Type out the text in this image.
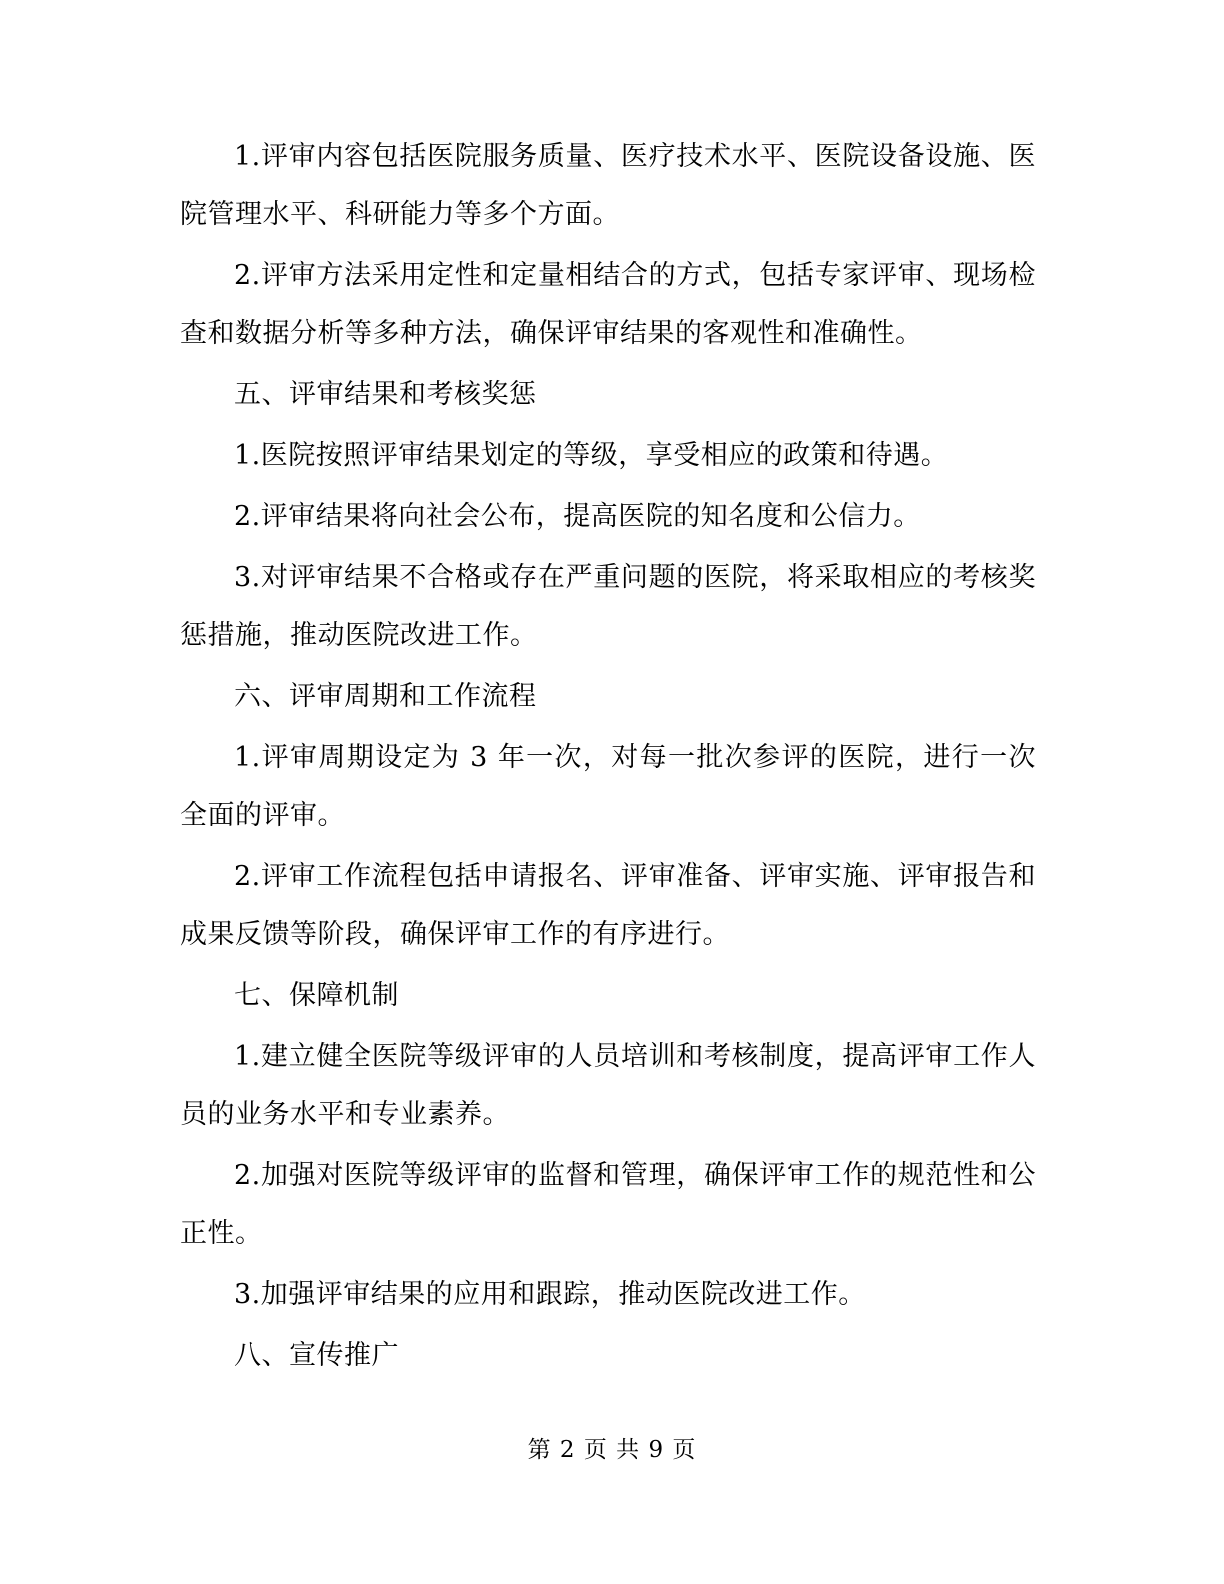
1.评审内容包括医院服务质量、医疗技术水平、医院设备设施、医院管理水平、科研能力等多个方面。

2.评审方法采用定性和定量相结合的方式，包括专家评审、现场检查和数据分析等多种方法，确保评审结果的客观性和准确性。

五、评审结果和考核奖惩

1.医院按照评审结果划定的等级，享受相应的政策和待遇。

2.评审结果将向社会公布，提高医院的知名度和公信力。

3.对评审结果不合格或存在严重问题的医院，将采取相应的考核奖惩措施，推动医院改进工作。

六、评审周期和工作流程

1.评审周期设定为 3 年一次，对每一批次参评的医院，进行一次全面的评审。

2.评审工作流程包括申请报名、评审准备、评审实施、评审报告和成果反馈等阶段，确保评审工作的有序进行。

七、保障机制

1.建立健全医院等级评审的人员培训和考核制度，提高评审工作人员的业务水平和专业素养。

2.加强对医院等级评审的监督和管理，确保评审工作的规范性和公正性。

3.加强评审结果的应用和跟踪，推动医院改进工作。

八、宣传推广

第 2 页 共 9 页
